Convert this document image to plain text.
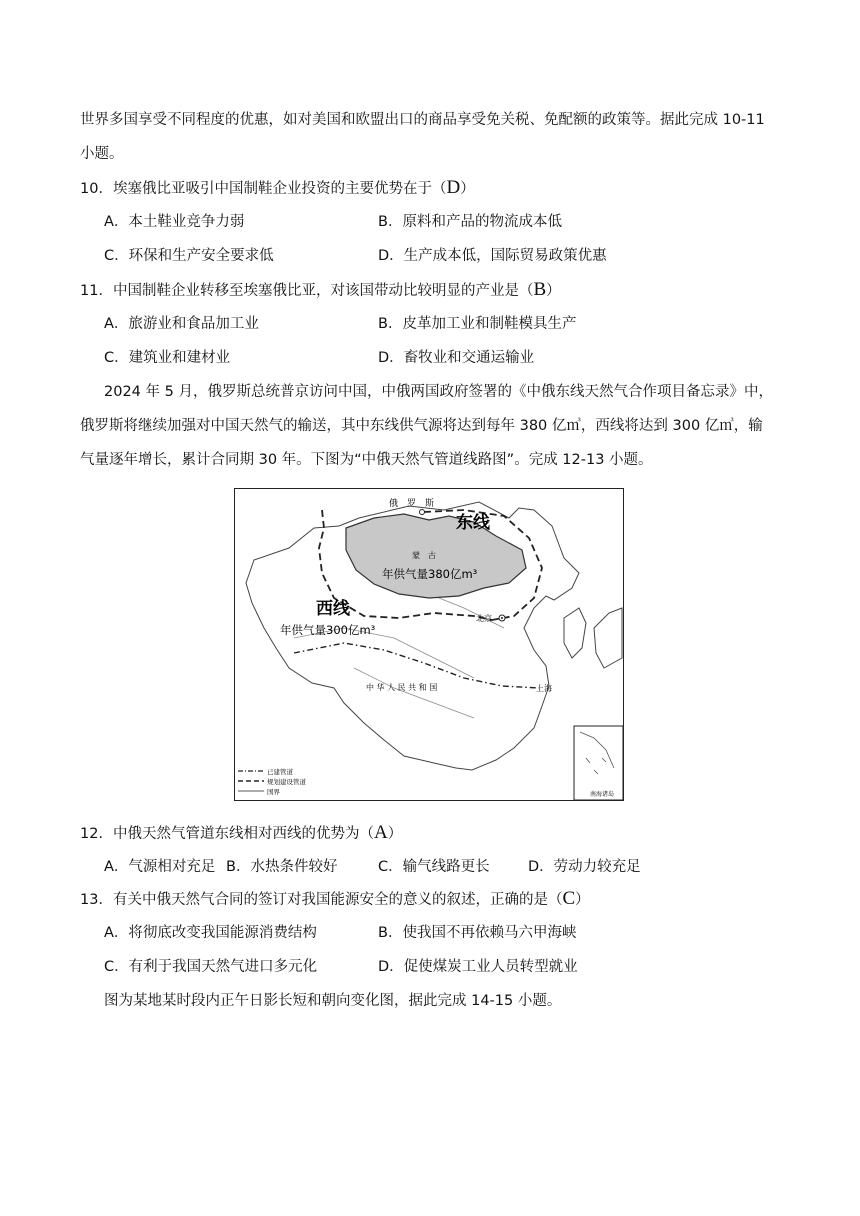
世界多国享受不同程度的优惠，如对美国和欧盟出口的商品享受免关税、免配额的政策等。据此完成 10-11
小题。
10．埃塞俄比亚吸引中国制鞋企业投资的主要优势在于（D）
A．本土鞋业竞争力弱	B．原料和产品的物流成本低
C．环保和生产安全要求低	D．生产成本低，国际贸易政策优惠
11．中国制鞋企业转移至埃塞俄比亚，对该国带动比较明显的产业是（B）
A．旅游业和食品加工业	B．皮革加工业和制鞋模具生产
C．建筑业和建材业	D．畜牧业和交通运输业
2024 年 5 月，俄罗斯总统普京访问中国，中俄两国政府签署的《中俄东线天然气合作项目备忘录》中，
俄罗斯将继续加强对中国天然气的输送，其中东线供气源将达到每年 380 亿㎥，西线将达到 300 亿㎥，输
气量逐年增长，累计合同期 30 年。下图为“中俄天然气管道线路图”。完成 12-13 小题。
俄　罗　斯
东线
蒙　古
年供气量380亿m³
西线
年供气量300亿m³
北京
中 华 人 民 共 和 国	上海
南海诸岛
已建管道
规划建设管道
国界
12．中俄天然气管道东线相对西线的优势为（A）
A．气源相对充足 B．水热条件较好	C．输气线路更长	D．劳动力较充足
13．有关中俄天然气合同的签订对我国能源安全的意义的叙述，正确的是（C）
A．将彻底改变我国能源消费结构	B．使我国不再依赖马六甲海峡
C．有利于我国天然气进口多元化	D．促使煤炭工业人员转型就业
图为某地某时段内正午日影长短和朝向变化图，据此完成 14-15 小题。
